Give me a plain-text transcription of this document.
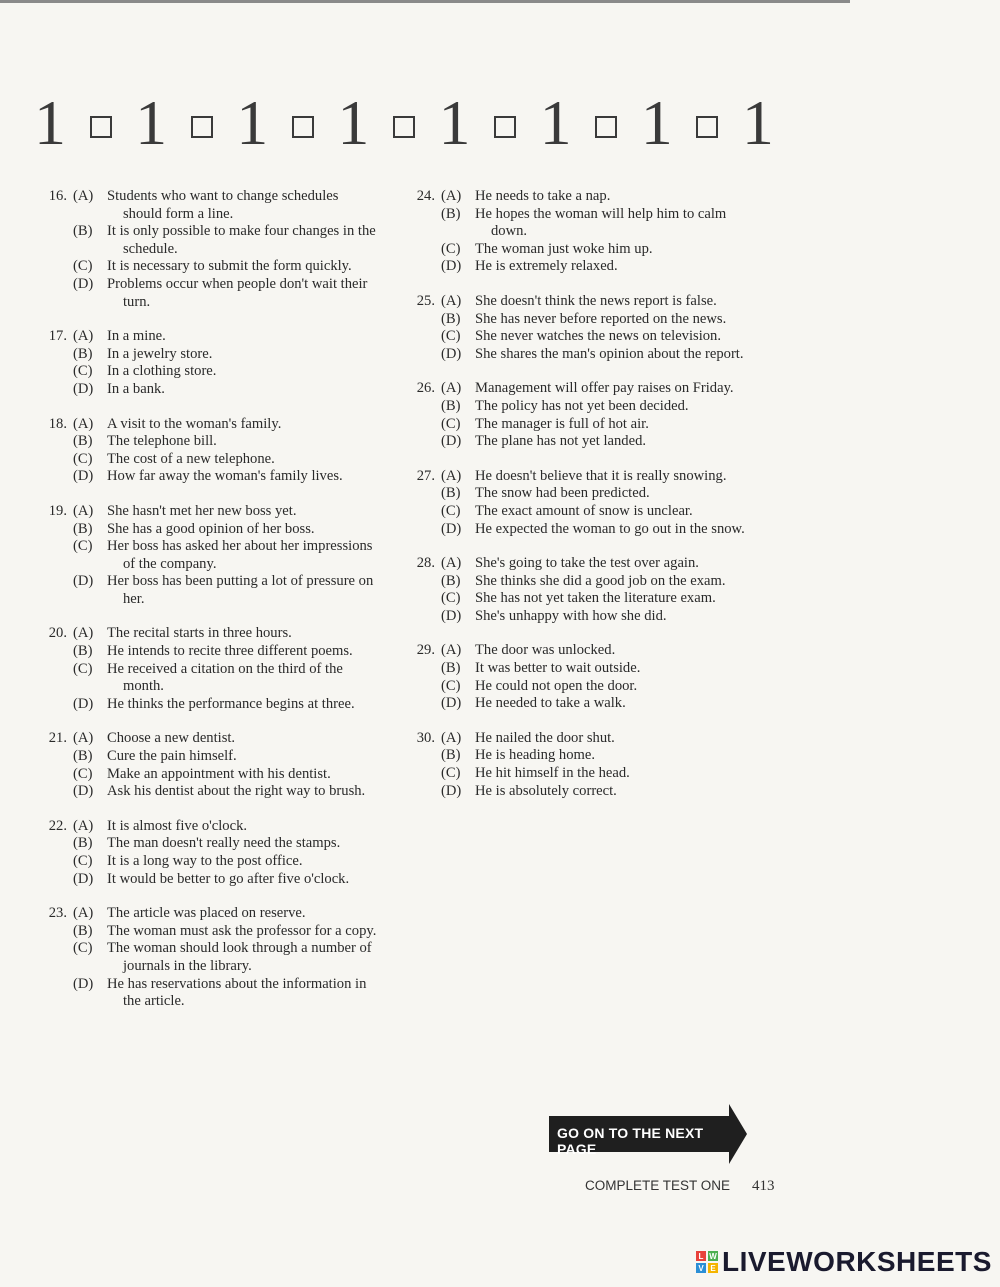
1 1 1 1 1 1 1 1
16. (A) Students who want to change schedules should form a line.
(B) It is only possible to make four changes in the schedule.
(C) It is necessary to submit the form quickly.
(D) Problems occur when people don't wait their turn.
17. (A) In a mine.
(B) In a jewelry store.
(C) In a clothing store.
(D) In a bank.
18. (A) A visit to the woman's family.
(B) The telephone bill.
(C) The cost of a new telephone.
(D) How far away the woman's family lives.
19. (A) She hasn't met her new boss yet.
(B) She has a good opinion of her boss.
(C) Her boss has asked her about her impressions of the company.
(D) Her boss has been putting a lot of pressure on her.
20. (A) The recital starts in three hours.
(B) He intends to recite three different poems.
(C) He received a citation on the third of the month.
(D) He thinks the performance begins at three.
21. (A) Choose a new dentist.
(B) Cure the pain himself.
(C) Make an appointment with his dentist.
(D) Ask his dentist about the right way to brush.
22. (A) It is almost five o'clock.
(B) The man doesn't really need the stamps.
(C) It is a long way to the post office.
(D) It would be better to go after five o'clock.
23. (A) The article was placed on reserve.
(B) The woman must ask the professor for a copy.
(C) The woman should look through a number of journals in the library.
(D) He has reservations about the information in the article.
24. (A) He needs to take a nap.
(B) He hopes the woman will help him to calm down.
(C) The woman just woke him up.
(D) He is extremely relaxed.
25. (A) She doesn't think the news report is false.
(B) She has never before reported on the news.
(C) She never watches the news on television.
(D) She shares the man's opinion about the report.
26. (A) Management will offer pay raises on Friday.
(B) The policy has not yet been decided.
(C) The manager is full of hot air.
(D) The plane has not yet landed.
27. (A) He doesn't believe that it is really snowing.
(B) The snow had been predicted.
(C) The exact amount of snow is unclear.
(D) He expected the woman to go out in the snow.
28. (A) She's going to take the test over again.
(B) She thinks she did a good job on the exam.
(C) She has not yet taken the literature exam.
(D) She's unhappy with how she did.
29. (A) The door was unlocked.
(B) It was better to wait outside.
(C) He could not open the door.
(D) He needed to take a walk.
30. (A) He nailed the door shut.
(B) He is heading home.
(C) He hit himself in the head.
(D) He is absolutely correct.
GO ON TO THE NEXT PAGE
COMPLETE TEST ONE 413
L W
V E LIVEWORKSHEETS
